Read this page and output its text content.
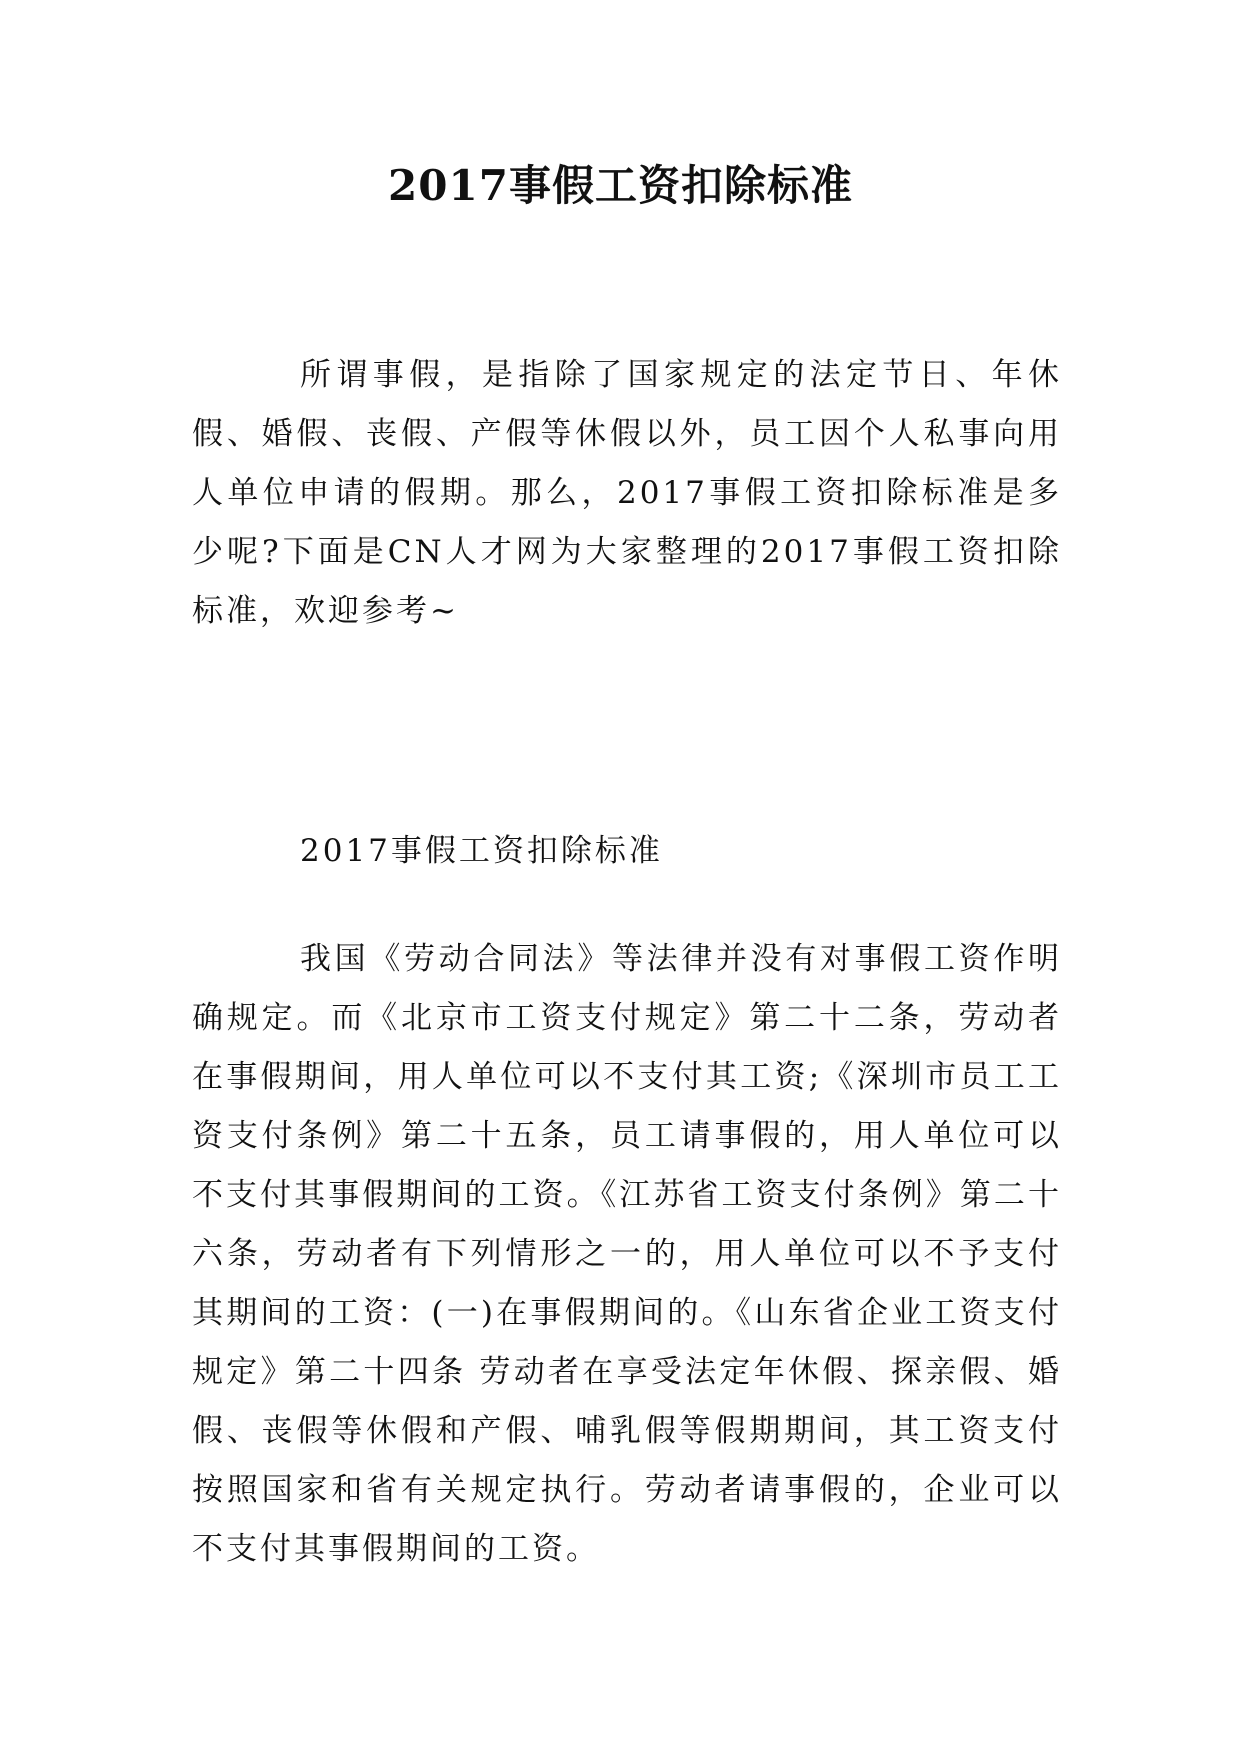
2017事假工资扣除标准

所谓事假，是指除了国家规定的法定节日、年休假、婚假、丧假、产假等休假以外，员工因个人私事向用人单位申请的假期。那么，2017事假工资扣除标准是多少呢?下面是CN人才网为大家整理的2017事假工资扣除标准，欢迎参考~

2017事假工资扣除标准

我国《劳动合同法》等法律并没有对事假工资作明确规定。而《北京市工资支付规定》第二十二条，劳动者在事假期间，用人单位可以不支付其工资;《深圳市员工工资支付条例》第二十五条，员工请事假的，用人单位可以不支付其事假期间的工资。《江苏省工资支付条例》第二十六条，劳动者有下列情形之一的，用人单位可以不予支付其期间的工资：(一)在事假期间的。《山东省企业工资支付规定》第二十四条 劳动者在享受法定年休假、探亲假、婚假、丧假等休假和产假、哺乳假等假期期间，其工资支付按照国家和省有关规定执行。劳动者请事假的，企业可以不支付其事假期间的工资。
